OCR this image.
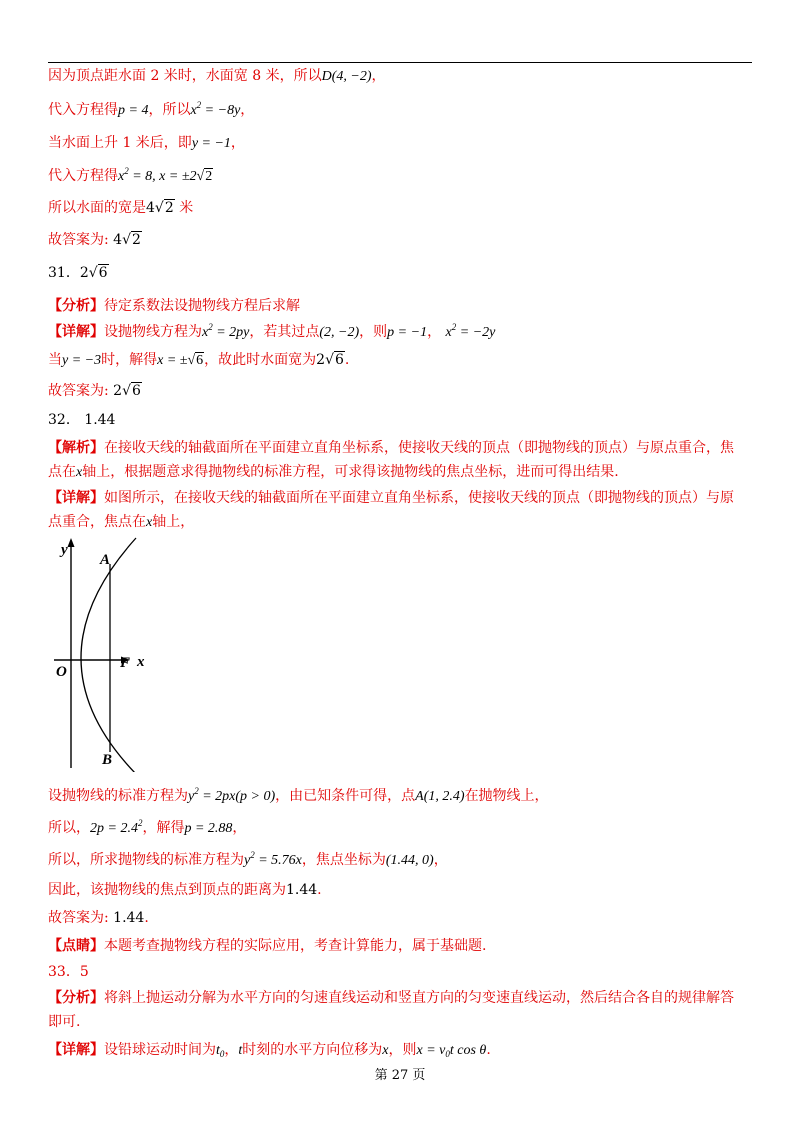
因为顶点距水面 2 米时，水面宽 8 米，所以D(4, −2)，
代入方程得p = 4，所以$x^2 = -8y$，
当水面上升 1 米后，即y = −1，
代入方程得$x^2 = 8$, x = ±2√2
所以水面的宽是4√2 米
故答案为: 4√2
31．2√6
【分析】待定系数法设抛物线方程后求解
【详解】设抛物线方程为$x^2 = 2py$，若其过点(2, −2)，则p = −1， $x^2 = -2y$
当y = −3时，解得x = ±√6，故此时水面宽为2√6.
故答案为: 2√6
32． 1.44
【解析】在接收天线的轴截面所在平面建立直角坐标系，使接收天线的顶点（即抛物线的顶点）与原点重合，焦
点在x轴上，根据题意求得抛物线的标准方程，可求得该抛物线的焦点坐标，进而可得出结果.
【详解】如图所示，在接收天线的轴截面所在平面建立直角坐标系，使接收天线的顶点（即抛物线的顶点）与原
点重合，焦点在x轴上，
y
x
O
F
A
B
设抛物线的标准方程为$y^2 = 2px(p > 0)$，由已知条件可得，点A(1, 2.4)在抛物线上，
所以，$2p = 2.4^2$，解得p = 2.88，
所以，所求抛物线的标准方程为$y^2 = 5.76x$，焦点坐标为(1.44, 0)，
因此，该抛物线的焦点到顶点的距离为1.44.
故答案为: 1.44.
【点睛】本题考查抛物线方程的实际应用，考查计算能力，属于基础题.
33．5
【分析】将斜上抛运动分解为水平方向的匀速直线运动和竖直方向的匀变速直线运动，然后结合各自的规律解答
即可.
【详解】设铅球运动时间为$t_0$，t时刻的水平方向位移为x，则$x = v_0t$ cos θ.
第 27 页
